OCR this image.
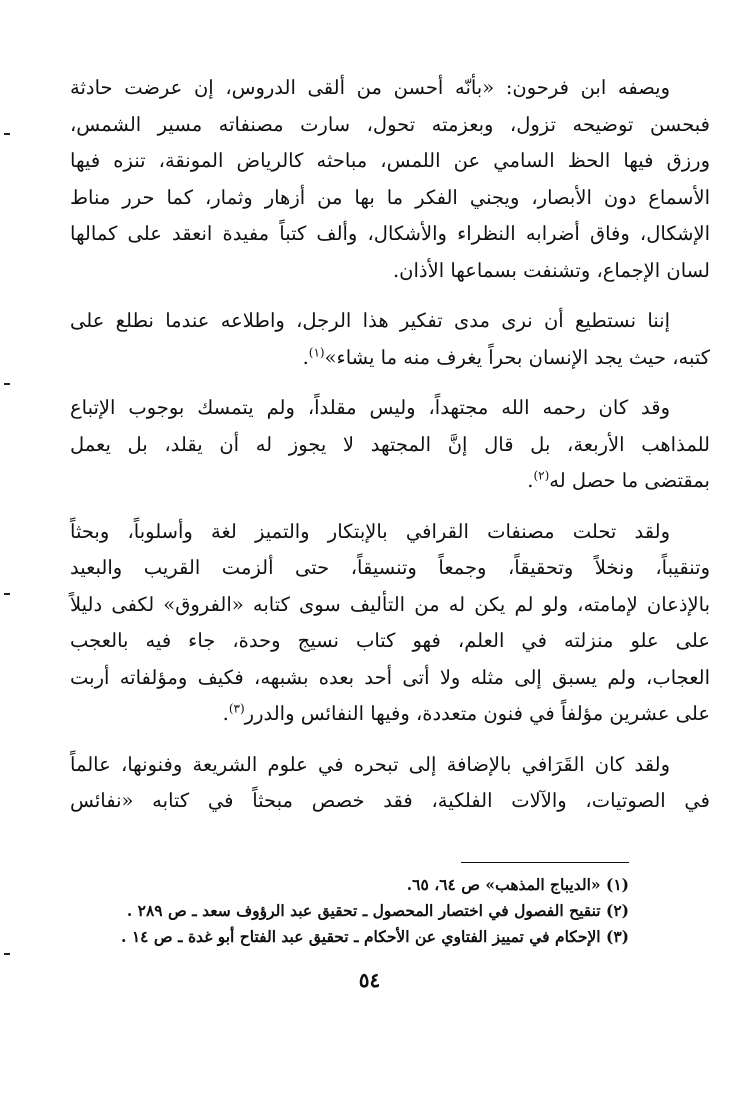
ويصفه ابن فرحون: «بأنّه أحسن من ألقى الدروس، إن عرضت حادثة
فبحسن توضيحه تزول، وبعزمته تحول، سارت مصنفاته مسير الشمس،
ورزق فيها الحظ السامي عن اللمس، مباحثه كالرياض المونقة، تنزه فيها
الأسماع دون الأبصار، ويجني الفكر ما بها من أزهار وثمار، كما حرر مناط
الإشكال، وفاق أضرابه النظراء والأشكال، وألف كتباً مفيدة انعقد على كمالها
لسان الإجماع، وتشنفت بسماعها الأذان.

إننا نستطيع أن نرى مدى تفكير هذا الرجل، واطلاعه عندما نطلع على
كتبه، حيث يجد الإنسان بحراً يغرف منه ما يشاء»$^{(١)}$.

وقد كان رحمه الله مجتهداً، وليس مقلداً، ولم يتمسك بوجوب الإتباع
للمذاهب الأربعة، بل قال إنَّ المجتهد لا يجوز له أن يقلد، بل يعمل
بمقتضى ما حصل له$^{(٢)}$.

ولقد تحلت مصنفات القرافي بالإبتكار والتميز لغة وأسلوباً، وبحثاً
وتنقيباً، ونخلاً وتحقيقاً، وجمعاً وتنسيقاً، حتى ألزمت القريب والبعيد
بالإذعان لإمامته، ولو لم يكن له من التأليف سوى كتابه «الفروق» لكفى دليلاً
على علو منزلته في العلم، فهو كتاب نسيج وحدة، جاء فيه بالعجب
العجاب، ولم يسبق إلى مثله ولا أتى أحد بعده بشبهه، فكيف ومؤلفاته أربت
على عشرين مؤلفاً في فنون متعددة، وفيها النفائس والدرر$^{(٣)}$.

ولقد كان القَرَافي بالإضافة إلى تبحره في علوم الشريعة وفنونها، عالماً
في الصوتيات، والآلات الفلكية، فقد خصص مبحثاً في كتابه «نفائس

(١) «الديباج المذهب» ص ٦٤، ٦٥.
(٢) تنقيح الفصول في اختصار المحصول ـ تحقيق عبد الرؤوف سعد ـ ص ٢٨٩ .
(٣) الإحكام في تمييز الفتاوي عن الأحكام ـ تحقيق عبد الفتاح أبو غدة ـ ص ١٤ .
٥٤
